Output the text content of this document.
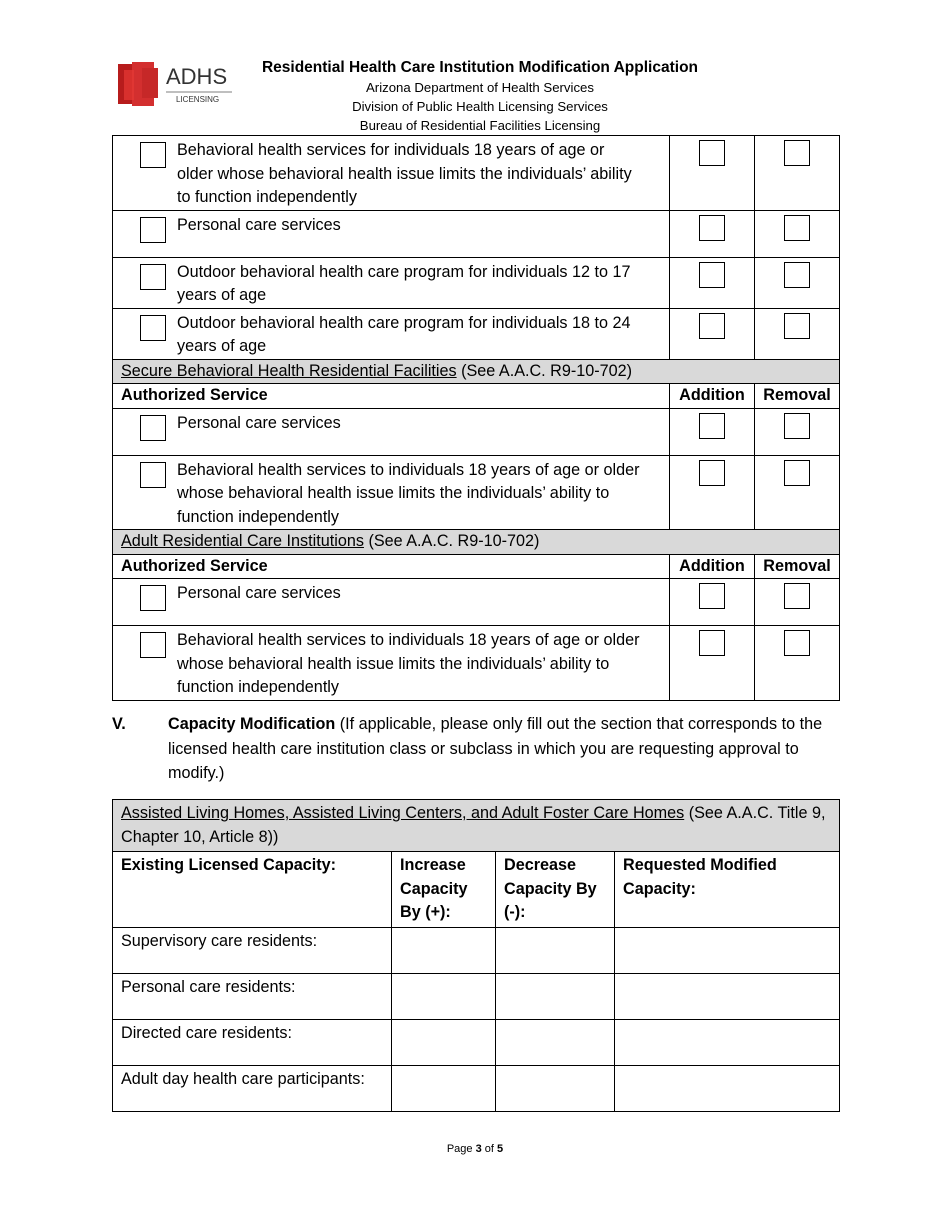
ADHS
LICENSING
Residential Health Care Institution Modification Application
Arizona Department of Health Services
Division of Public Health Licensing Services
Bureau of Residential Facilities Licensing
Behavioral health services for individuals 18 years of age or older whose behavioral health issue limits the individuals’ ability to function independently		

Personal care services		

Outdoor behavioral health care program for individuals 12 to 17 years of age		

Outdoor behavioral health care program for individuals 18 to 24 years of age		

Secure Behavioral Health Residential Facilities (See A.A.C. R9-10-702)		
Authorized Service	Addition	Removal

Personal care services		

Behavioral health services to individuals 18 years of age or older whose behavioral health issue limits the individuals’ ability to function independently		

Adult Residential Care Institutions (See A.A.C. R9-10-702)		
Authorized Service	Addition	Removal

Personal care services		

Behavioral health services to individuals 18 years of age or older whose behavioral health issue limits the individuals’ ability to function independently		

V.	Capacity Modification (If applicable, please only fill out the section that corresponds to the licensed health care institution class or subclass in which you are requesting approval to modify.)
Assisted Living Homes, Assisted Living Centers, and Adult Foster Care Homes (See A.A.C. Title 9, Chapter 10, Article 8))			
Existing Licensed Capacity:	Increase Capacity By (+):	Decrease Capacity By (-):	Requested Modified Capacity:
Supervisory care residents:			
Personal care residents:			
Directed care residents:			
Adult day health care participants:			
Page 3 of 5
